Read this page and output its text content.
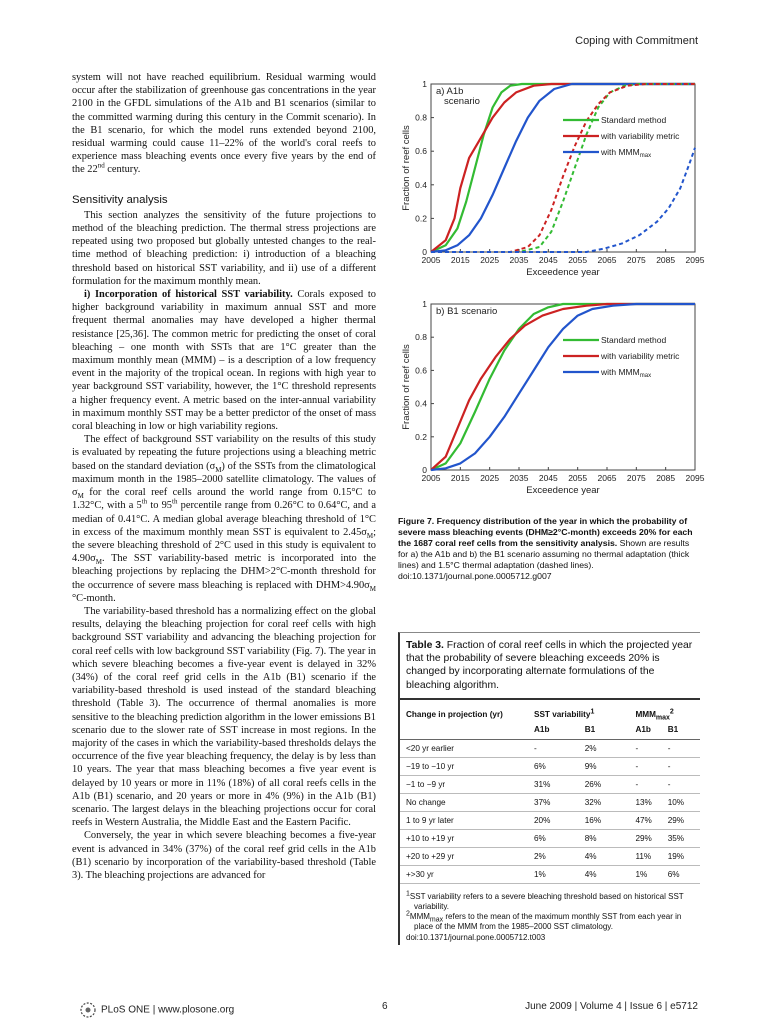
Coping with Commitment

system will not have reached equilibrium. Residual warming would occur after the stabilization of greenhouse gas concentrations in the year 2100 in the GFDL simulations of the A1b and B1 scenarios (similar to the committed warming during this century in the Commit scenario). In the B1 scenario, for which the model runs extended beyond 2100, residual warming could cause 11–22% of the world's coral reefs to experience mass bleaching events once every five years by the end of the 22nd century.

Sensitivity analysis

This section analyzes the sensitivity of the future projections to method of the bleaching prediction. The thermal stress projections are repeated using two proposed but globally untested changes to the real-time method of bleaching prediction: i) introduction of a bleaching threshold based on historical SST variability, and ii) use of a different formulation for the maximum monthly mean.

i) Incorporation of historical SST variability. Corals exposed to higher background variability in maximum annual SST and more frequent thermal anomalies may have developed a higher thermal resistance [25,36]. The common metric for predicting the onset of coral bleaching – one month with SSTs that are 1°C greater than the maximum monthly mean (MMM) – is a description of a low frequency event in the majority of the tropical ocean. In regions with high year to year background SST variability, however, the 1°C threshold represents a higher frequency event. A metric based on the inter-annual variability in maximum monthly SST may be a better predictor of the onset of mass coral bleaching in low or high variability regions.

The effect of background SST variability on the results of this study is evaluated by repeating the future projections using a bleaching metric based on the standard deviation $(\sigma_M)$ of the SSTs from the climatological maximum month in the 1985–2000 satellite climatology. The values of $\sigma_M$ for the coral reef cells around the world range from 0.15°C to 1.32°C, with a 5th to 95th percentile range from 0.26°C to 0.64°C, and a median of 0.41°C. A median global average bleaching threshold of 1°C in excess of the maximum monthly mean SST is equivalent to $2.45\sigma_M$; the severe bleaching threshold of 2°C used in this study is equivalent to $4.90\sigma_M$. The SST variability-based metric is incorporated into the bleaching projections by replacing the DHM>2°C-month threshold for the occurrence of severe mass bleaching is replaced with $DHM>4.90\sigma_M$ °C-month.

The variability-based threshold has a normalizing effect on the global results, delaying the bleaching projection for coral reef cells with high background SST variability and advancing the bleaching projection for coral reef cells with low background SST variability (Fig. 7). The year in which severe bleaching becomes a five-year event is delayed in 32% (34%) of the coral reef grid cells in the A1b (B1) scenario if the variability-based threshold is used instead of the standard bleaching threshold (Table 3). The occurrence of thermal anomalies is more sensitive to the bleaching prediction algorithm in the lower emissions B1 scenario due to the slower rate of SST increase in most regions. In the majority of the cases in which the variability-based thresholds delays the occurrence of the five year bleaching frequency, the delay is by less than 10 years. The year that mass bleaching becomes a five year event is delayed by 10 years or more in 11% (18%) of all coral reefs cells in the A1b (B1) scenario, and 20 years or more in 4% (9%) in the A1b (B1) scenario. The largest delays in the bleaching projections occur for coral reefs in Western Australia, the Middle East and the Eastern Pacific.

Conversely, the year in which severe bleaching becomes a five-year event is advanced in 34% (37%) of the coral reef grid cells in the A1b (B1) scenario by incorporation of the variability-based threshold (Table 3). The bleaching projections are advanced for

0
0.2
0.4
0.6
0.8
1
2005 2015 2025 2035 2045 2055 2065 2075 2085 2095
Exceedence year
Fraction of reef cells
a) A1b
scenario
Standard method
with variability metric
with $MMM_{max}$
0
0.2
0.4
0.6
0.8
1
2005 2015 2025 2035 2045 2055 2065 2075 2085 2095
Exceedence year
Fraction of reef cells
b) B1 scenario
Standard method
with variability metric
with $MMM_{max}$
Figure 7. Frequency distribution of the year in which the probability of severe mass bleaching events (DHM≥2°C-month) exceeds 20% for each the 1687 coral reef cells from the sensitivity analysis. Shown are results for a) the A1b and b) the B1 scenario assuming no thermal adaptation (thick lines) and 1.5°C thermal adaptation (dashed lines).
doi:10.1371/journal.pone.0005712.g007
Table 3. Fraction of coral reef cells in which the projected year that the probability of severe bleaching exceeds 20% is changed by incorporating alternate formulations of the bleaching algorithm.
Change in projection (yr)	SST variability$^1$		$MMM_{max}^2$
	A1b	B1	A1b	B1
<20 yr earlier	-	2%	-	-
−19 to −10 yr	6%	9%	-	-
−1 to −9 yr	31%	26%	-	-
No change	37%	32%	13%	10%
1 to 9 yr later	20%	16%	47%	29%
+10 to +19 yr	6%	8%	29%	35%
+20 to +29 yr	2%	4%	11%	19%
+>30 yr	1%	4%	1%	6%
$^1$SST variability refers to a severe bleaching threshold based on historical SST variability.
$^2MMM_{max}$ refers to the mean of the maximum monthly SST from each year in place of the MMM from the 1985–2000 SST climatology.
doi:10.1371/journal.pone.0005712.t003
PLoS ONE | www.plosone.org	6	June 2009 | Volume 4 | Issue 6 | e5712
